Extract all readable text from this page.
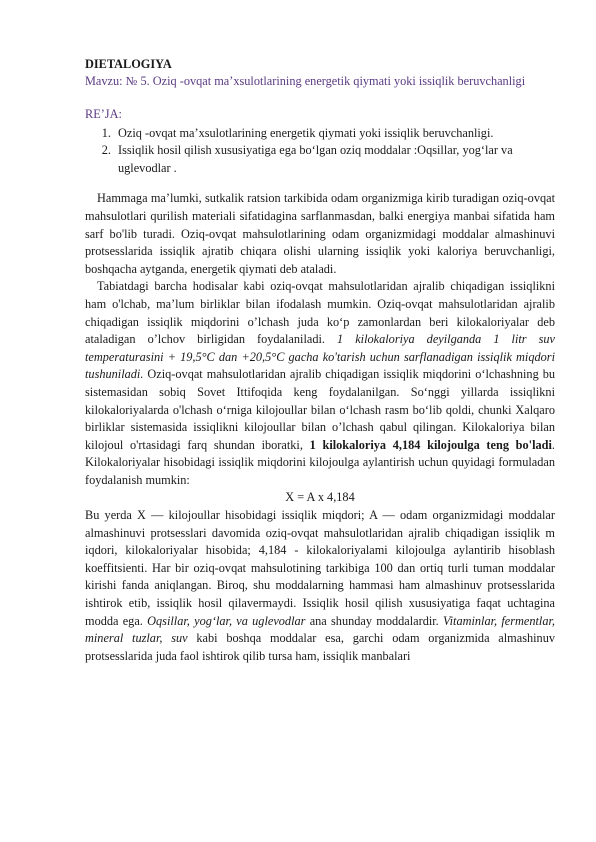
DIETALOGIYA

Mavzu: № 5. Oziq -ovqat ma’xsulotlarining energetik qiymati yoki issiqlik beruvchanligi

RE’JA:

1. Oziq -ovqat ma’xsulotlarining energetik qiymati yoki issiqlik beruvchanligi.
2. Issiqlik hosil qilish xususiyatiga ega bo‘lgan oziq moddalar :Oqsillar, yog‘lar va uglevodlar .

Hammaga ma’lumki, sutkalik ratsion tarkibida odam organizmiga kirib turadigan oziq-ovqat mahsulotlari qurilish materiali sifatidagina sarflanmasdan, balki energiya manbai sifatida ham sarf bo'lib turadi. Oziq-ovqat mahsulotlarining odam organizmidagi moddalar almashinuvi protsesslarida issiqlik ajratib chiqara olishi ularning issiqlik yoki kaloriya beruvchanligi, boshqacha aytganda, energetik qiymati deb ataladi.

Tabiatdagi barcha hodisalar kabi oziq-ovqat mahsulotlaridan ajralib chiqadigan issiqlikni ham o'lchab, ma’lum birliklar bilan ifodalash mumkin. Oziq-ovqat mahsulotlaridan ajralib chiqadigan issiqlik miqdorini o’lchash juda ko‘p zamonlardan beri kilokaloriyalar deb ataladigan o’lchov birligidan foydalaniladi. 1 kilokaloriya deyilganda 1 litr suv temperaturasini + 19,5°C dan +20,5°C gacha ko'tarish uchun sarflanadigan issiqlik miqdori tushuniladi. Oziq-ovqat mahsulotlaridan ajralib chiqadigan issiqlik miqdorini o‘lchashning bu sistemasidan sobiq Sovet Ittifoqida keng foydalanilgan. So‘nggi yillarda issiqlikni kilokaloriyalarda o'lchash o‘rniga kilojoullar bilan o‘lchash rasm bo‘lib qoldi, chunki Xalqaro birliklar sistemasida issiqlikni kilojoullar bilan o’lchash qabul qilingan. Kilokaloriya bilan kilojoul o'rtasidagi farq shundan iboratki, 1 kilokaloriya 4,184 kilojoulga teng bo'ladi. Kilokaloriyalar hisobidagi issiqlik miqdorini kilojoulga aylantirish uchun quyidagi formuladan foydalanish mumkin:

X = A x 4,184

Bu yerda X — kilojoullar hisobidagi issiqlik miqdori; A — odam organizmidagi moddalar almashinuvi protsesslari davomida oziq-ovqat mahsulotlaridan ajralib chiqadigan issiqlik m iqdori, kilokaloriyalar hisobida; 4,184 - kilokaloriyalami kilojoulga aylantirib hisoblash koeffitsienti. Har bir oziq-ovqat mahsulotining tarkibiga 100 dan ortiq turli tuman moddalar kirishi fanda aniqlangan. Biroq, shu moddalarning hammasi ham almashinuv protsesslarida ishtirok etib, issiqlik hosil qilavermaydi. Issiqlik hosil qilish xususiyatiga faqat uchtagina modda ega. Oqsillar, yog‘lar, va uglevodlar ana shunday moddalardir. Vitaminlar, fermentlar, mineral tuzlar, suv kabi boshqa moddalar esa, garchi odam organizmida almashinuv protsesslarida juda faol ishtirok qilib tursa ham, issiqlik manbalari
